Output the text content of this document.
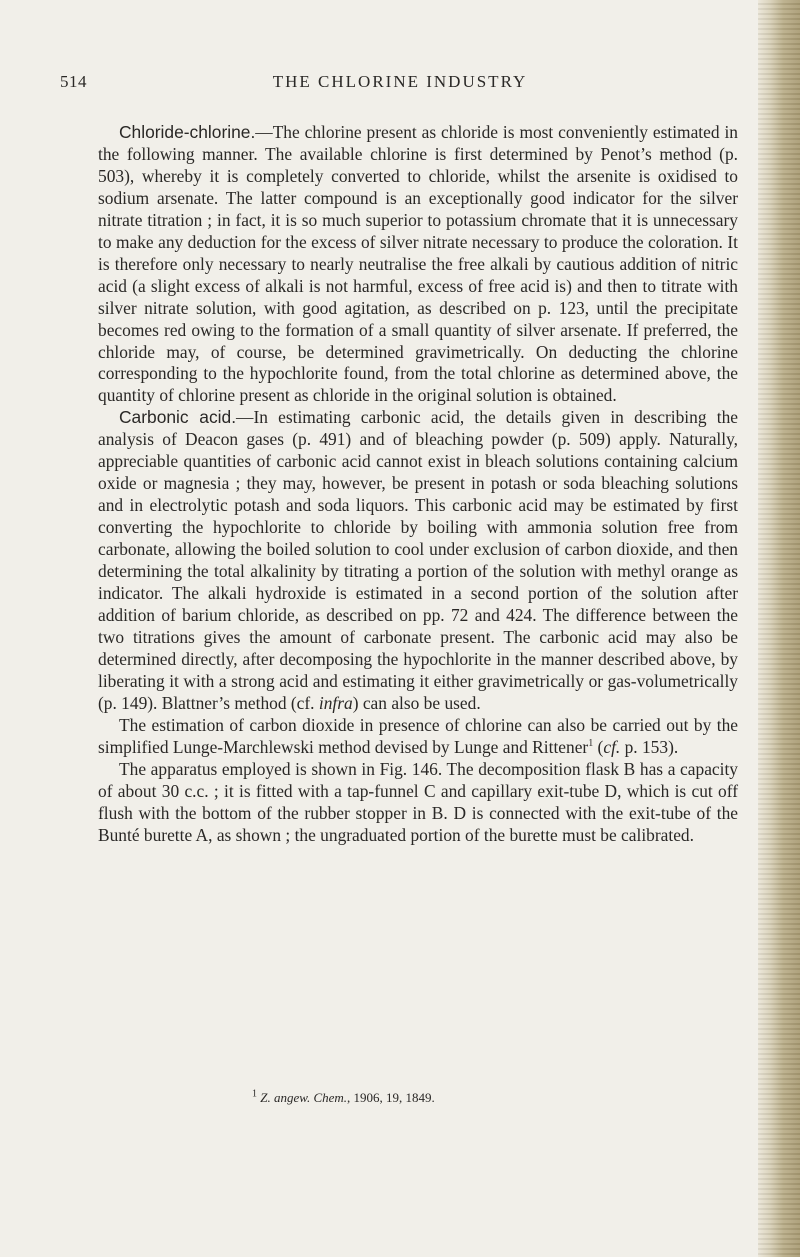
514	THE CHLORINE INDUSTRY

Chloride-chlorine.—The chlorine present as chloride is most conveniently estimated in the following manner. The available chlorine is first determined by Penot’s method (p. 503), whereby it is completely converted to chloride, whilst the arsenite is oxidised to sodium arsenate. The latter compound is an exceptionally good indicator for the silver nitrate titration ; in fact, it is so much superior to potassium chromate that it is unnecessary to make any deduction for the excess of silver nitrate necessary to produce the coloration. It is therefore only necessary to nearly neutralise the free alkali by cautious addition of nitric acid (a slight excess of alkali is not harmful, excess of free acid is) and then to titrate with silver nitrate solution, with good agitation, as described on p. 123, until the precipitate becomes red owing to the formation of a small quantity of silver arsenate. If preferred, the chloride may, of course, be determined gravimetrically. On deducting the chlorine corresponding to the hypochlorite found, from the total chlorine as determined above, the quantity of chlorine present as chloride in the original solution is obtained.

Carbonic acid.—In estimating carbonic acid, the details given in describing the analysis of Deacon gases (p. 491) and of bleaching powder (p. 509) apply. Naturally, appreciable quantities of carbonic acid cannot exist in bleach solutions containing calcium oxide or magnesia ; they may, however, be present in potash or soda bleaching solutions and in electrolytic potash and soda liquors. This carbonic acid may be estimated by first converting the hypochlorite to chloride by boiling with ammonia solution free from carbonate, allowing the boiled solution to cool under exclusion of carbon dioxide, and then determining the total alkalinity by titrating a portion of the solution with methyl orange as indicator. The alkali hydroxide is estimated in a second portion of the solution after addition of barium chloride, as described on pp. 72 and 424. The difference between the two titrations gives the amount of carbonate present. The carbonic acid may also be determined directly, after decomposing the hypochlorite in the manner described above, by liberating it with a strong acid and estimating it either gravimetrically or gas-volumetrically (p. 149). Blattner’s method (cf. infra) can also be used.

The estimation of carbon dioxide in presence of chlorine can also be carried out by the simplified Lunge-Marchlewski method devised by Lunge and Rittener$^1$ (cf. p. 153).

The apparatus employed is shown in Fig. 146. The decomposition flask B has a capacity of about 30 c.c. ; it is fitted with a tap-funnel C and capillary exit-tube D, which is cut off flush with the bottom of the rubber stopper in B. D is connected with the exit-tube of the Bunté burette A, as shown ; the ungraduated portion of the burette must be calibrated.

$^1$ Z. angew. Chem., 1906, 19, 1849.
